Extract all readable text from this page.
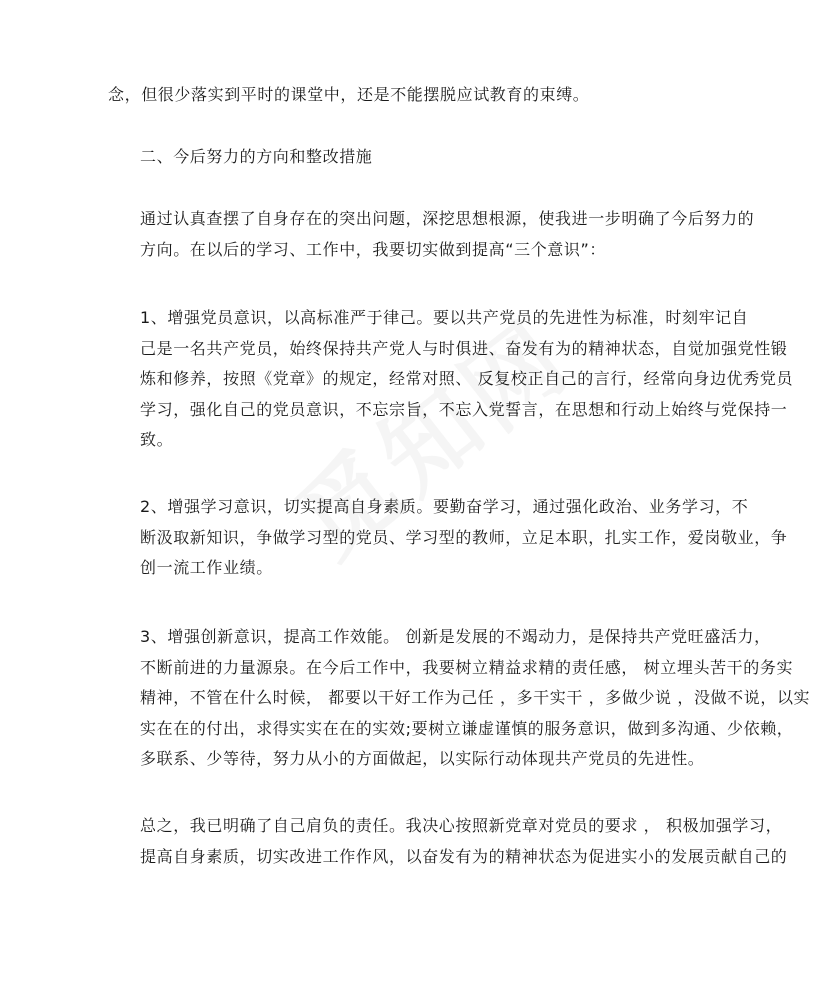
念，但很少落实到平时的课堂中，还是不能摆脱应试教育的束缚。

二、今后努力的方向和整改措施

通过认真查摆了自身存在的突出问题，深挖思想根源，使我进一步明确了今后努力的
方向。在以后的学习、工作中，我要切实做到提高“三个意识”：

1、增强党员意识，以高标准严于律己。要以共产党员的先进性为标准，时刻牢记自
己是一名共产党员，始终保持共产党人与时俱进、奋发有为的精神状态，自觉加强党性锻
炼和修养，按照《党章》的规定，经常对照、 反复校正自己的言行，经常向身边优秀党员
学习，强化自己的党员意识，不忘宗旨，不忘入党誓言，在思想和行动上始终与党保持一
致。

2、增强学习意识，切实提高自身素质。要勤奋学习，通过强化政治、业务学习，不
断汲取新知识，争做学习型的党员、学习型的教师，立足本职，扎实工作，爱岗敬业，争
创一流工作业绩。

3、增强创新意识，提高工作效能。 创新是发展的不竭动力，是保持共产党旺盛活力，
不断前进的力量源泉。在今后工作中，我要树立精益求精的责任感， 树立埋头苦干的务实
精神，不管在什么时候， 都要以干好工作为己任 ，多干实干 ，多做少说 ，没做不说，以实
实在在的付出，求得实实在在的实效;要树立谦虚谨慎的服务意识，做到多沟通、少依赖，
多联系、少等待，努力从小的方面做起，以实际行动体现共产党员的先进性。

总之，我已明确了自己肩负的责任。我决心按照新党章对党员的要求 ， 积极加强学习，
提高自身素质，切实改进工作作风，以奋发有为的精神状态为促进实小的发展贡献自己的
